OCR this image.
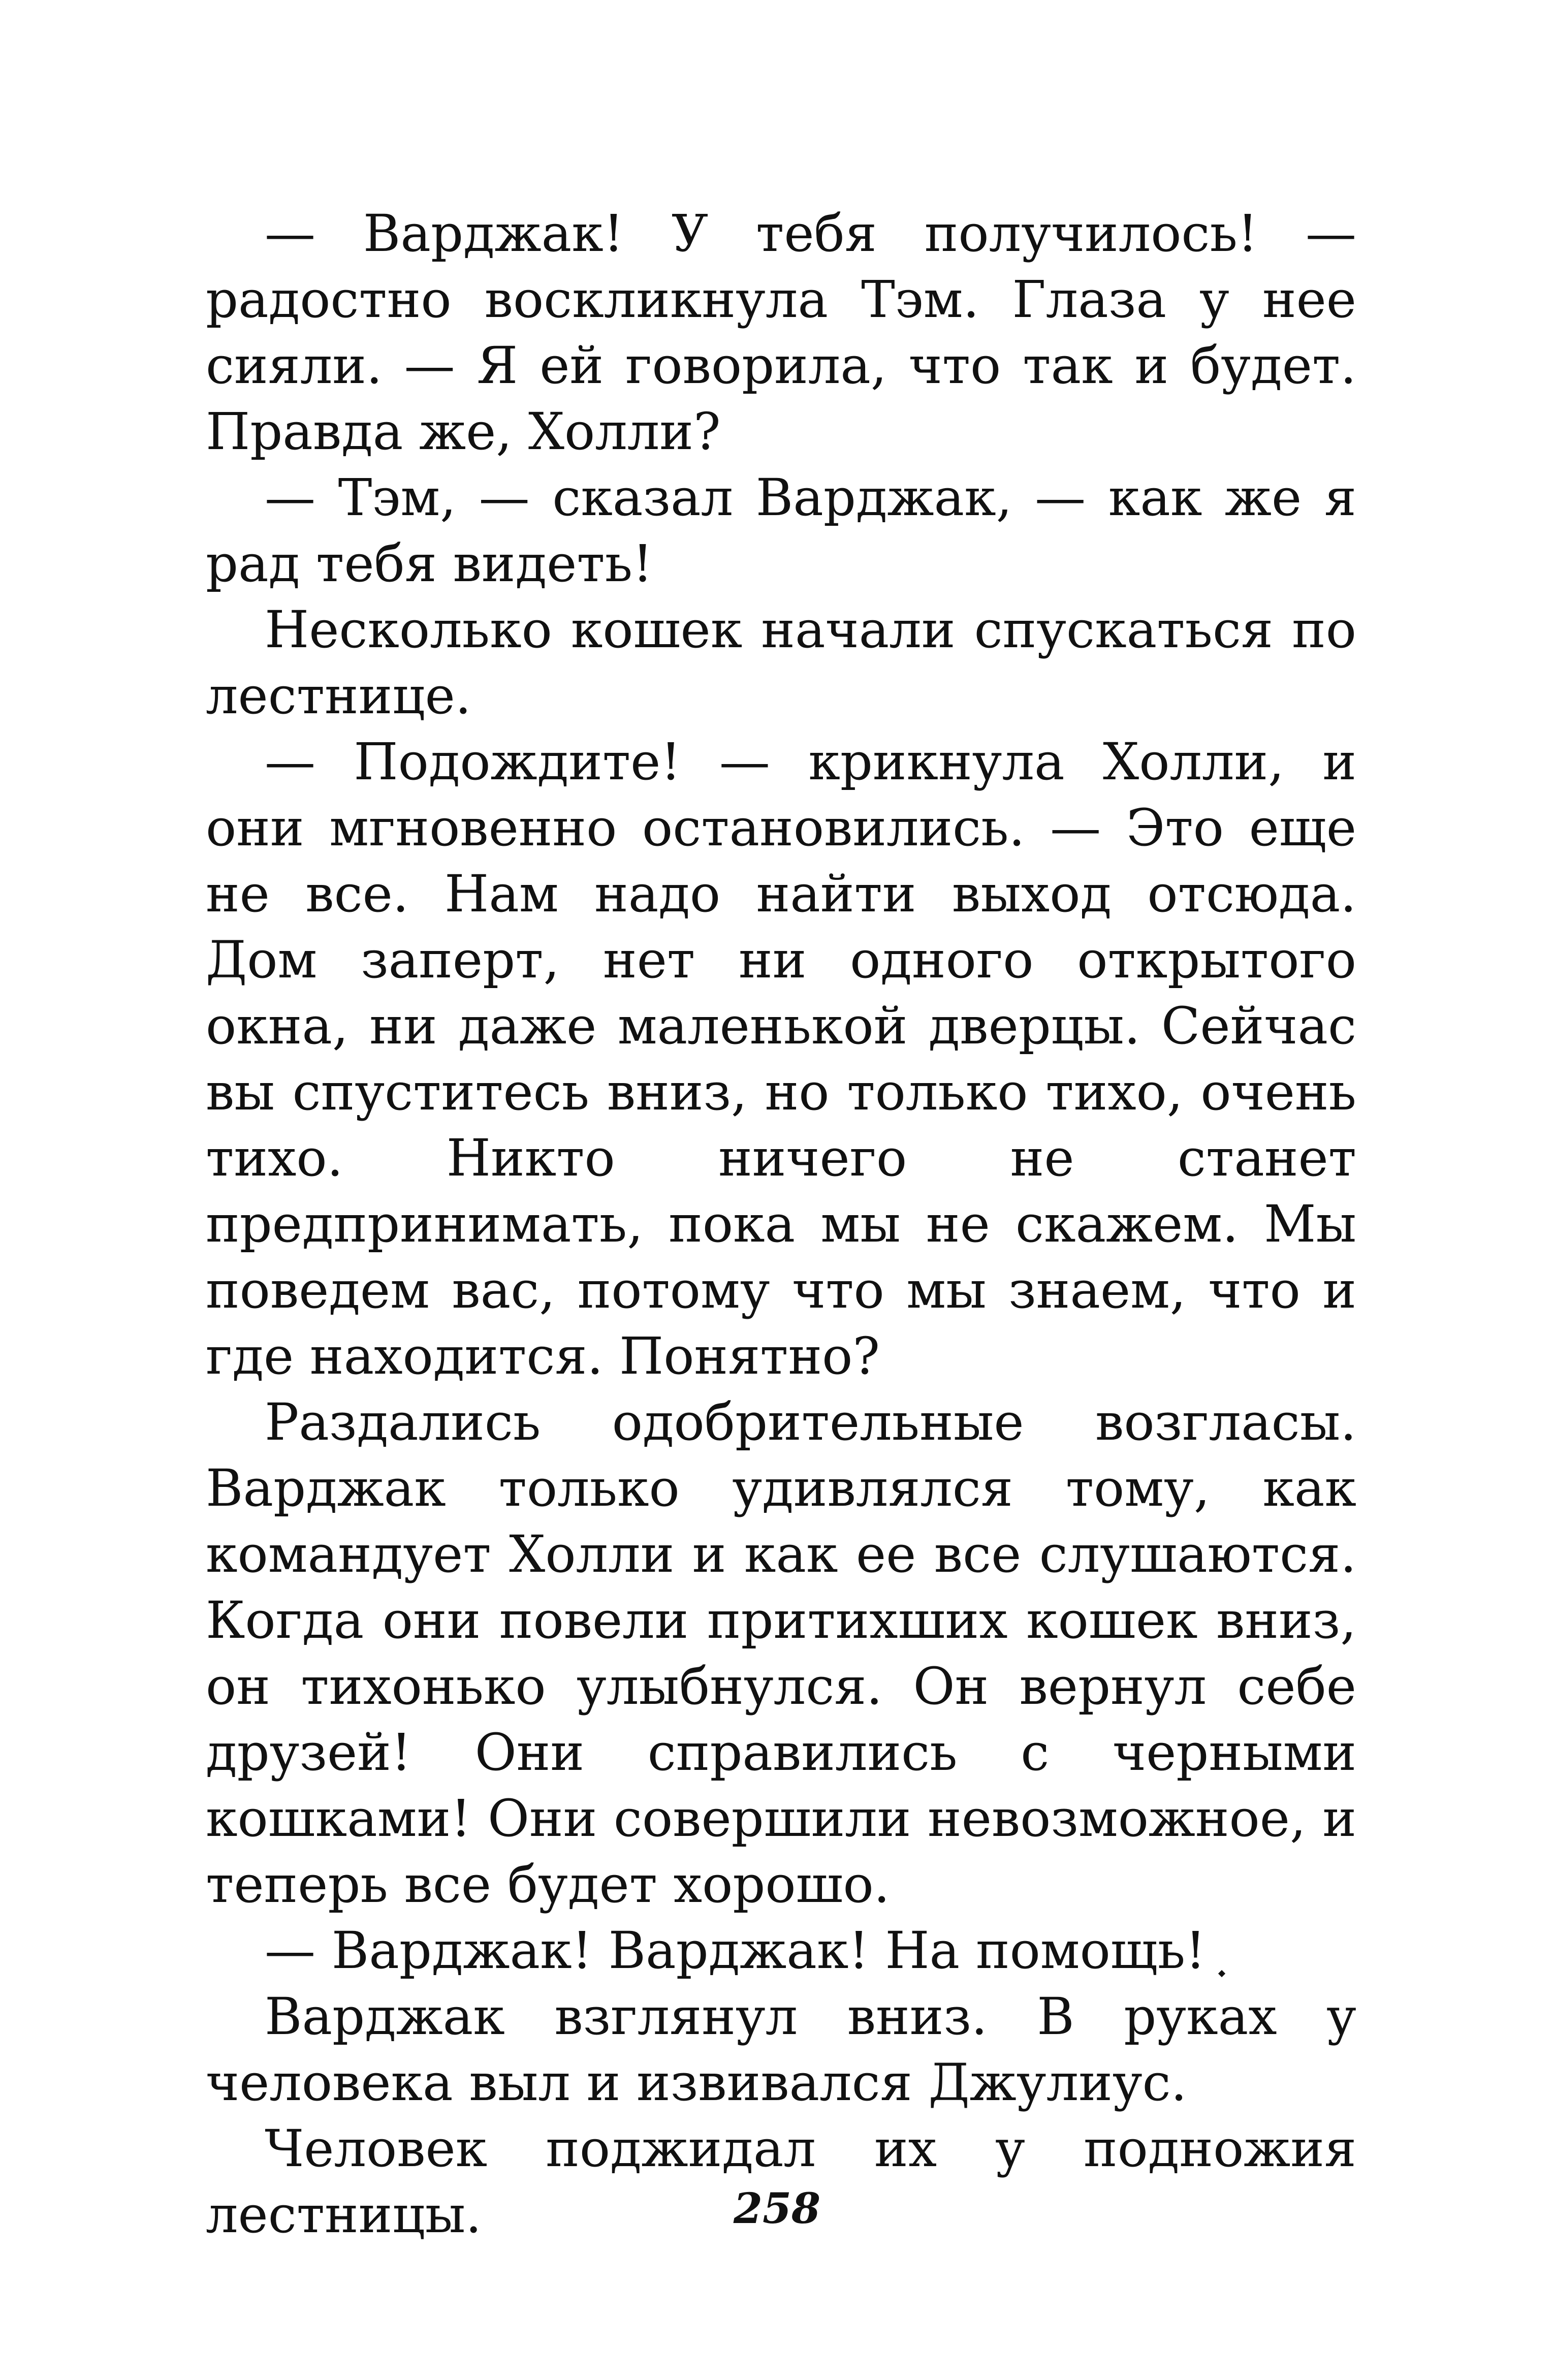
— Варджак! У тебя получилось! — радостно воскликнула Тэм. Глаза у нее сияли. — Я ей говорила, что так и будет. Правда же, Холли?

— Тэм, — сказал Варджак, — как же я рад тебя видеть!

Несколько кошек начали спускаться по лестнице.

— Подождите! — крикнула Холли, и они мгновенно остановились. — Это еще не все. Нам надо найти выход отсюда. Дом заперт, нет ни одного открытого окна, ни даже маленькой дверцы. Сейчас вы спуститесь вниз, но только тихо, очень тихо. Никто ничего не станет предпринимать, пока мы не скажем. Мы поведем вас, потому что мы знаем, что и где находится. Понятно?

Раздались одобрительные возгласы. Варджак только удивлялся тому, как командует Холли и как ее все слушаются. Когда они повели притихших кошек вниз, он тихонько улыбнулся. Он вернул себе друзей! Они справились с черными кошками! Они совершили невозможное, и теперь все будет хорошо.

— Варджак! Варджак! На помощь!

Варджак взглянул вниз. В руках у человека выл и извивался Джулиус.

Человек поджидал их у подножия лестницы.	258
